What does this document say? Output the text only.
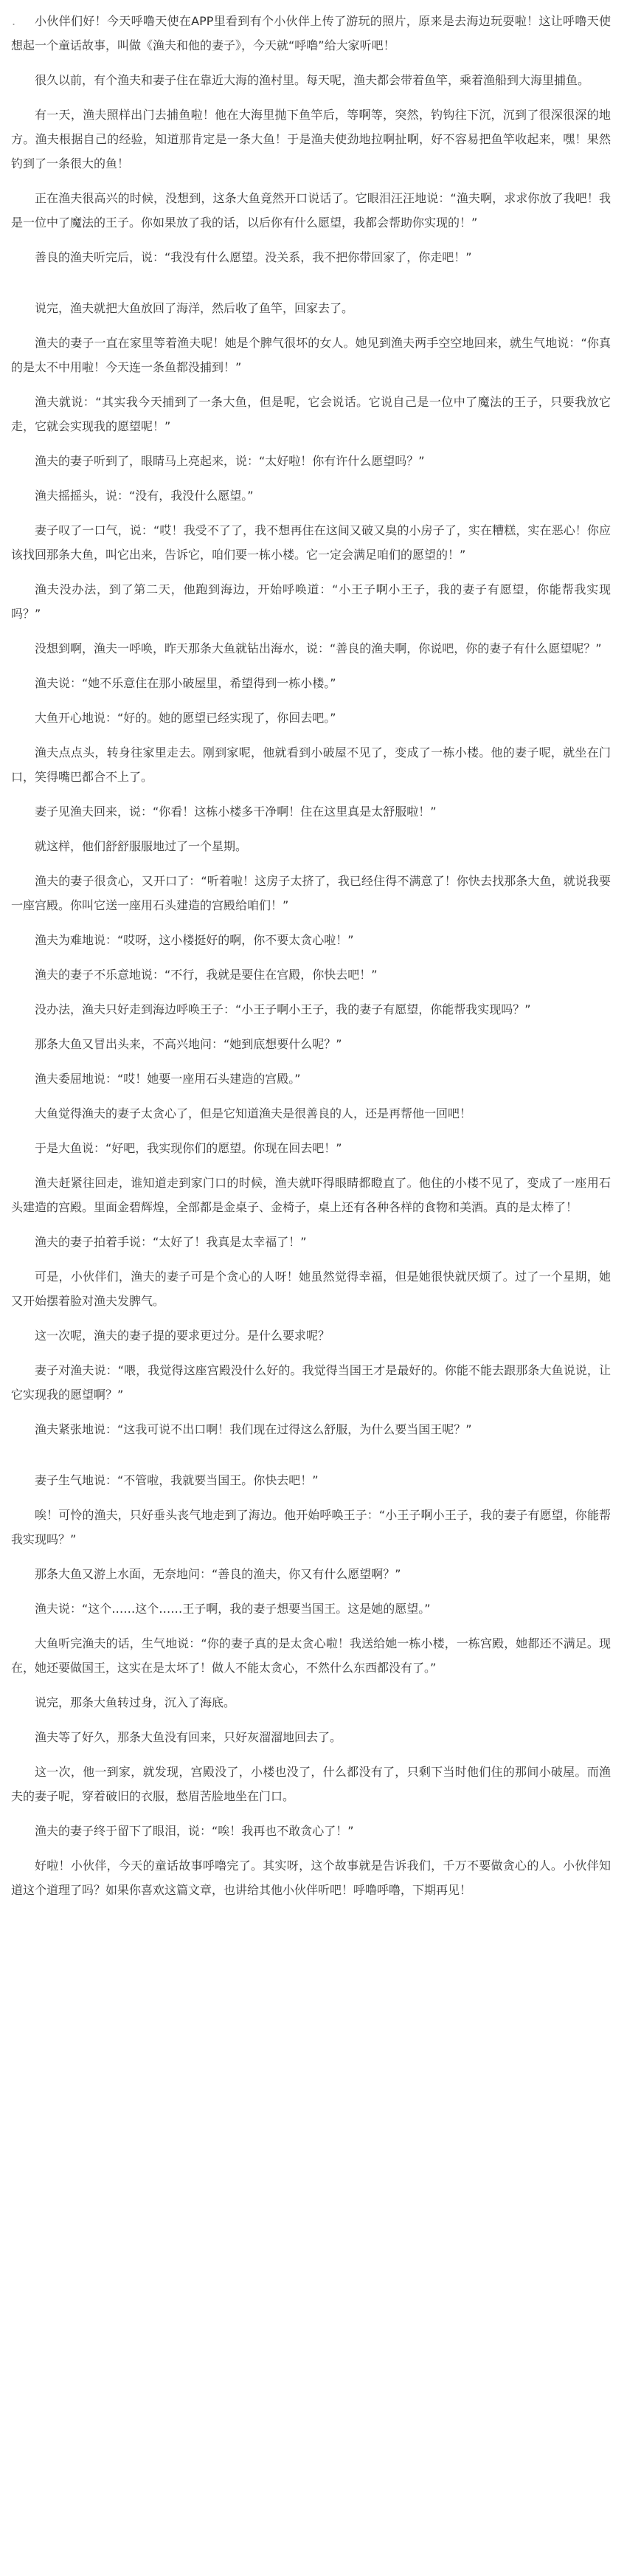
.	小伙伴们好！今天呼噜天使在APP里看到有个小伙伴上传了游玩的照片，原来是去海边玩耍啦！这让呼噜天使想起一个童话故事，叫做《渔夫和他的妻子》，今天就“呼噜”给大家听吧！

很久以前，有个渔夫和妻子住在靠近大海的渔村里。每天呢，渔夫都会带着鱼竿，乘着渔船到大海里捕鱼。

有一天，渔夫照样出门去捕鱼啦！他在大海里抛下鱼竿后，等啊等，突然，钓钩往下沉，沉到了很深很深的地方。渔夫根据自己的经验，知道那肯定是一条大鱼！于是渔夫使劲地拉啊扯啊，好不容易把鱼竿收起来，嘿！果然钓到了一条很大的鱼！

正在渔夫很高兴的时候，没想到，这条大鱼竟然开口说话了。它眼泪汪汪地说：“渔夫啊，求求你放了我吧！我是一位中了魔法的王子。你如果放了我的话，以后你有什么愿望，我都会帮助你实现的！”

善良的渔夫听完后，说：“我没有什么愿望。没关系，我不把你带回家了，你走吧！”

说完，渔夫就把大鱼放回了海洋，然后收了鱼竿，回家去了。

渔夫的妻子一直在家里等着渔夫呢！她是个脾气很坏的女人。她见到渔夫两手空空地回来，就生气地说：“你真的是太不中用啦！今天连一条鱼都没捕到！”

渔夫就说：“其实我今天捕到了一条大鱼，但是呢，它会说话。它说自己是一位中了魔法的王子，只要我放它走，它就会实现我的愿望呢！”

渔夫的妻子听到了，眼睛马上亮起来，说：“太好啦！你有许什么愿望吗？”

渔夫摇摇头，说：“没有，我没什么愿望。”

妻子叹了一口气，说：“哎！我受不了了，我不想再住在这间又破又臭的小房子了，实在糟糕，实在恶心！你应该找回那条大鱼，叫它出来，告诉它，咱们要一栋小楼。它一定会满足咱们的愿望的！”

渔夫没办法，到了第二天，他跑到海边，开始呼唤道：“小王子啊小王子，我的妻子有愿望，你能帮我实现吗？”

没想到啊，渔夫一呼唤，昨天那条大鱼就钻出海水，说：“善良的渔夫啊，你说吧，你的妻子有什么愿望呢？”

渔夫说：“她不乐意住在那小破屋里，希望得到一栋小楼。”

大鱼开心地说：“好的。她的愿望已经实现了，你回去吧。”

渔夫点点头，转身往家里走去。刚到家呢，他就看到小破屋不见了，变成了一栋小楼。他的妻子呢，就坐在门口，笑得嘴巴都合不上了。

妻子见渔夫回来，说：“你看！这栋小楼多干净啊！住在这里真是太舒服啦！”

就这样，他们舒舒服服地过了一个星期。

渔夫的妻子很贪心，又开口了：“听着啦！这房子太挤了，我已经住得不满意了！你快去找那条大鱼，就说我要一座宫殿。你叫它送一座用石头建造的宫殿给咱们！”

渔夫为难地说：“哎呀，这小楼挺好的啊，你不要太贪心啦！”

渔夫的妻子不乐意地说：“不行，我就是要住在宫殿，你快去吧！”

没办法，渔夫只好走到海边呼唤王子：“小王子啊小王子，我的妻子有愿望，你能帮我实现吗？”

那条大鱼又冒出头来，不高兴地问：“她到底想要什么呢？”

渔夫委屈地说：“哎！她要一座用石头建造的宫殿。”

大鱼觉得渔夫的妻子太贪心了，但是它知道渔夫是很善良的人，还是再帮他一回吧！

于是大鱼说：“好吧，我实现你们的愿望。你现在回去吧！”

渔夫赶紧往回走，谁知道走到家门口的时候，渔夫就吓得眼睛都瞪直了。他住的小楼不见了，变成了一座用石头建造的宫殿。里面金碧辉煌，全部都是金桌子、金椅子，桌上还有各种各样的食物和美酒。真的是太棒了！

渔夫的妻子拍着手说：“太好了！我真是太幸福了！”

可是，小伙伴们，渔夫的妻子可是个贪心的人呀！她虽然觉得幸福，但是她很快就厌烦了。过了一个星期，她又开始摆着脸对渔夫发脾气。

这一次呢，渔夫的妻子提的要求更过分。是什么要求呢？

妻子对渔夫说：“喂，我觉得这座宫殿没什么好的。我觉得当国王才是最好的。你能不能去跟那条大鱼说说，让它实现我的愿望啊？”

渔夫紧张地说：“这我可说不出口啊！我们现在过得这么舒服，为什么要当国王呢？”

妻子生气地说：“不管啦，我就要当国王。你快去吧！”

唉！可怜的渔夫，只好垂头丧气地走到了海边。他开始呼唤王子：“小王子啊小王子，我的妻子有愿望，你能帮我实现吗？”

那条大鱼又游上水面，无奈地问：“善良的渔夫，你又有什么愿望啊？”

渔夫说：“这个……这个……王子啊，我的妻子想要当国王。这是她的愿望。”

大鱼听完渔夫的话，生气地说：“你的妻子真的是太贪心啦！我送给她一栋小楼，一栋宫殿，她都还不满足。现在，她还要做国王，这实在是太坏了！做人不能太贪心，不然什么东西都没有了。”

说完，那条大鱼转过身，沉入了海底。

渔夫等了好久，那条大鱼没有回来，只好灰溜溜地回去了。

这一次，他一到家，就发现，宫殿没了，小楼也没了，什么都没有了，只剩下当时他们住的那间小破屋。而渔夫的妻子呢，穿着破旧的衣服，愁眉苦脸地坐在门口。

渔夫的妻子终于留下了眼泪，说：“唉！我再也不敢贪心了！”

好啦！小伙伴，今天的童话故事呼噜完了。其实呀，这个故事就是告诉我们，千万不要做贪心的人。小伙伴知道这个道理了吗？如果你喜欢这篇文章，也讲给其他小伙伴听吧！呼噜呼噜，下期再见！
